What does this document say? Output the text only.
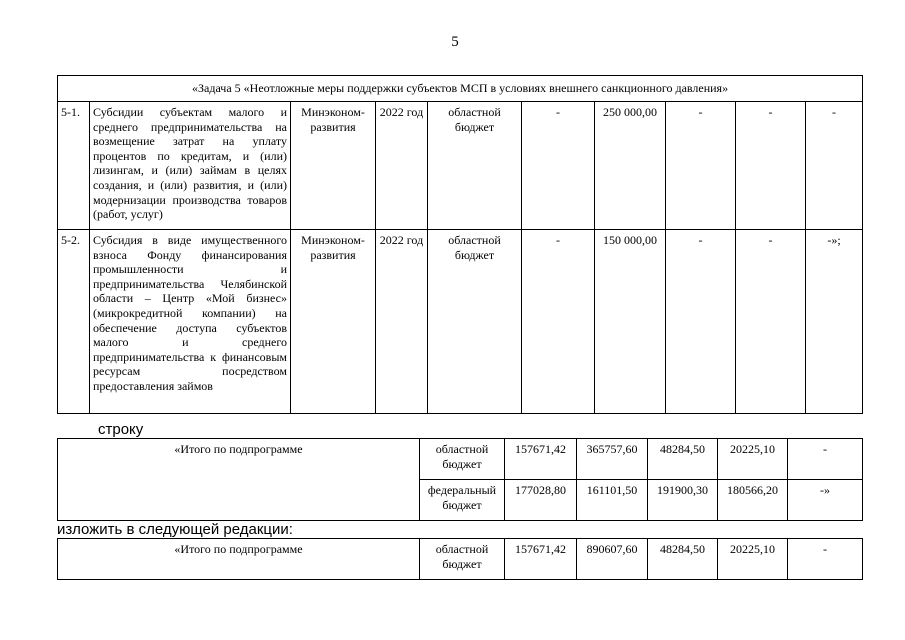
5
«Задача 5 «Неотложные меры поддержки субъектов МСП в условиях внешнего санкционного давления»									
5-1.	Субсидии субъектам малого и среднего предпринимательства на возмещение затрат на уплату процентов по кредитам, и (или) лизингам, и (или) займам в целях создания, и (или) развития, и (или) модернизации производства товаров (работ, услуг)	Минэконом-развития	2022 год	областной бюджет	-	250 000,00	-	-	-
5-2.	Субсидия в виде имущественного взноса Фонду финансирования промышленности и предпринимательства Челябинской области – Центр «Мой бизнес» (микрокредитной компании) на обеспечение доступа субъектов малого и среднего предпринимательства к финансовым ресурсам посредством предоставления займов	Минэконом-развития	2022 год	областной бюджет	-	150 000,00	-	-	-»;
строку
«Итого по подпрограмме	областной бюджет	157671,42	365757,60	48284,50	20225,10	-
	федеральный бюджет	177028,80	161101,50	191900,30	180566,20	-»
изложить в следующей редакции:
«Итого по подпрограмме	областной бюджет	157671,42	890607,60	48284,50	20225,10	-
